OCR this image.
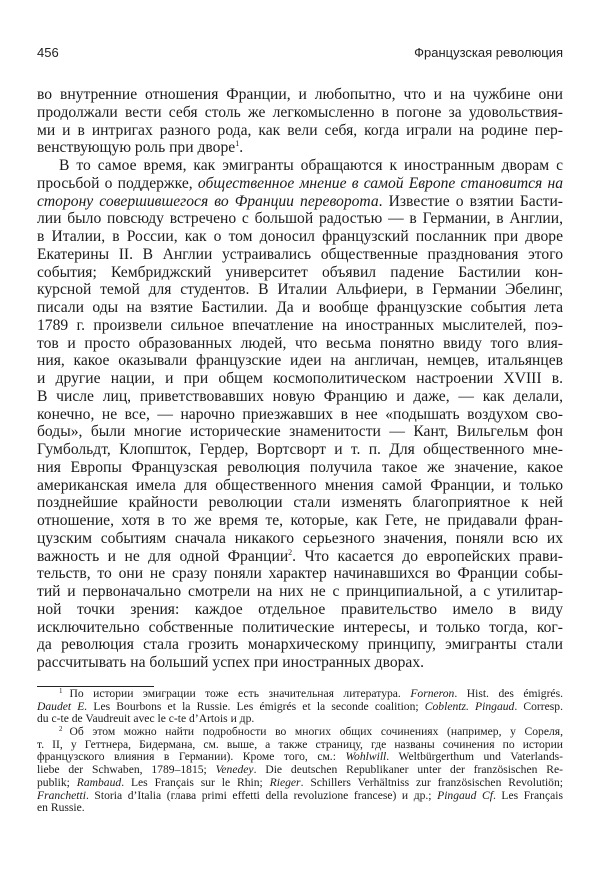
456	Французская революция
во внутренние отношения Франции, и любопытно, что и на чужбине они
продолжали вести себя столь же легкомысленно в погоне за удовольствия-
ми и в интригах разного рода, как вели себя, когда играли на родине пер-
венствующую роль при дворе$^1$.
В то самое время, как эмигранты обращаются к иностранным дворам с
просьбой о поддержке, общественное мнение в самой Европе становится на
сторону совершившегося во Франции переворота. Известие о взятии Басти-
лии было повсюду встречено с большой радостью — в Германии, в Англии,
в Италии, в России, как о том доносил французский посланник при дворе
Екатерины II. В Англии устраивались общественные празднования этого
события; Кембриджский университет объявил падение Бастилии кон-
курсной темой для студентов. В Италии Альфиери, в Германии Эбелинг,
писали оды на взятие Бастилии. Да и вообще французские события лета
1789 г. произвели сильное впечатление на иностранных мыслителей, поэ-
тов и просто образованных людей, что весьма понятно ввиду того влия-
ния, какое оказывали французские идеи на англичан, немцев, итальянцев
и другие нации, и при общем космополитическом настроении XVIII в.
В числе лиц, приветствовавших новую Францию и даже, — как делали,
конечно, не все, — нарочно приезжавших в нее «подышать воздухом сво-
боды», были многие исторические знаменитости — Кант, Вильгельм фон
Гумбольдт, Клопшток, Гердер, Вортсворт и т. п. Для общественного мне-
ния Европы Французская революция получила такое же значение, какое
американская имела для общественного мнения самой Франции, и только
позднейшие крайности революции стали изменять благоприятное к ней
отношение, хотя в то же время те, которые, как Гете, не придавали фран-
цузским событиям сначала никакого серьезного значения, поняли всю их
важность и не для одной Франции$^2$. Что касается до европейских прави-
тельств, то они не сразу поняли характер начинавшихся во Франции собы-
тий и первоначально смотрели на них не с принципиальной, а с утилитар-
ной точки зрения: каждое отдельное правительство имело в виду
исключительно собственные политические интересы, и только тогда, ког-
да революция стала грозить монархическому принципу, эмигранты стали
рассчитывать на больший успех при иностранных дворах.
$^1$ По истории эмиграции тоже есть значительная литература. Forneron. Hist. des émigrés.
Daudet E. Les Bourbons et la Russie. Les émigrés et la seconde coalition; Coblentz. Pingaud. Corresp.
du c-te de Vaudreuit avec le c-te d’Artois и др.
$^2$ Об этом можно найти подробности во многих общих сочинениях (например, у Сореля,
т. II, у Геттнера, Бидермана, см. выше, а также страницу, где названы сочинения по истории
французского влияния в Германии). Кроме того, см.: Wohlwill. Weltbürgerthum und Vaterlands-
liebe der Schwaben, 1789–1815; Venedey. Die deutschen Republikaner unter der französischen Re-
publik; Rambaud. Les Français sur le Rhin; Rieger. Schillers Verhältniss zur französischen Revolutiön;
Franchetti. Storia d’Italia (глава primi effetti della revoluzione francese) и др.; Pingaud Cf. Les Français
en Russie.
